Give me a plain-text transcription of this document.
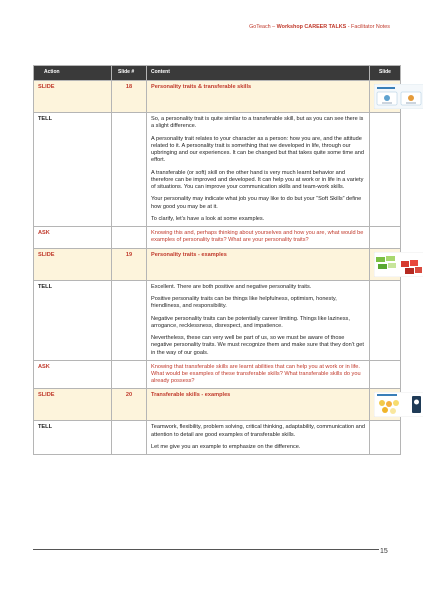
GoTeach – Workshop CAREER TALKS - Facilitator Notes
Action	Slide #	Content	Slide
SLIDE	18	Personality traits & transferable skills	

TELL		So, a personality trait is quite similar to a transferable skill, but as you can see there is a slight difference.

A personality trait relates to your character as a person: how you are, and the attitude related to it. A personality trait is something that we developed in life, through our upbringing and our experiences. It can be changed but that takes quite some time and effort.

A transferable (or soft) skill on the other hand is very much learnt behavior and therefore can be improved and developed. It can help you at work or in life in a variety of situations. You can improve your communication skills and team-work skills.

Your personality may indicate what job you may like to do but your “Soft Skills” define how good you may be at it.

To clarify, let’s have a look at some examples.	

ASK		Knowing this and, perhaps thinking about yourselves and how you are, what would be examples of personality traits? What are your personality traits?	

SLIDE	19	Personality traits - examples	

TELL		Excellent. There are both positive and negative personality traits.

Positive personality traits can be things like helpfulness, optimism, honesty, friendliness, and responsibility.

Negative personality traits can be potentially career limiting. Things like laziness, arrogance, recklessness, disrespect, and impatience.

Nevertheless, these can very well be part of us, so we must be aware of those negative personality traits. We must recognize them and make sure that they don’t get in the way of our goals.	

ASK		Knowing that transferable skills are learnt abilities that can help you at work or in life. What would be examples of these transferable skills? What transferable skills do you already possess?	

SLIDE	20	Transferable skills - examples	

TELL		Teamwork, flexibility, problem solving, critical thinking, adaptability, communication and attention to detail are good examples of transferable skills.

Let me give you an example to emphasize on the difference.	

15
